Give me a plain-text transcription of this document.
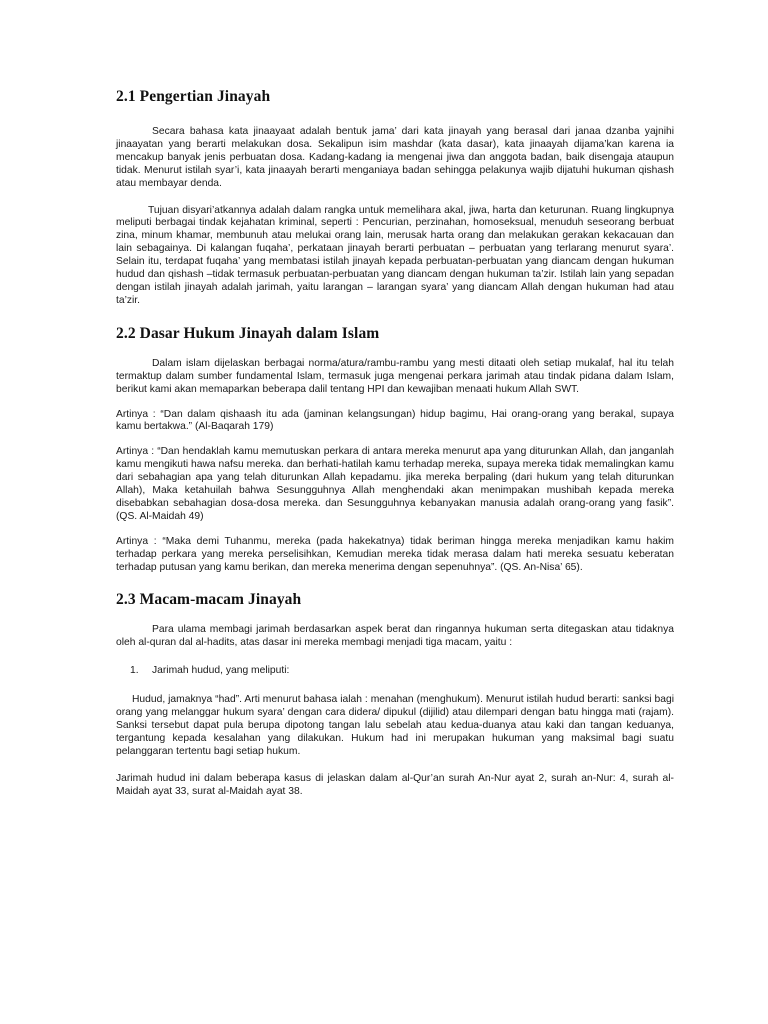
2.1 Pengertian Jinayah

Secara bahasa kata jinaayaat adalah bentuk jama’ dari kata jinayah yang berasal dari janaa dzanba yajnihi jinaayatan yang berarti melakukan dosa. Sekalipun isim mashdar (kata dasar), kata jinaayah dijama’kan karena ia mencakup banyak jenis perbuatan dosa. Kadang-kadang ia mengenai jiwa dan anggota badan, baik disengaja ataupun tidak. Menurut istilah syar’i, kata jinaayah berarti menganiaya badan sehingga pelakunya wajib dijatuhi hukuman qishash atau membayar denda.

Tujuan disyari’atkannya adalah dalam rangka untuk memelihara akal, jiwa, harta dan keturunan. Ruang lingkupnya meliputi berbagai tindak kejahatan kriminal, seperti : Pencurian, perzinahan, homoseksual, menuduh seseorang berbuat zina, minum khamar, membunuh atau melukai orang lain, merusak harta orang dan melakukan gerakan kekacauan dan lain sebagainya. Di kalangan fuqaha’, perkataan jinayah berarti perbuatan – perbuatan yang terlarang menurut syara’. Selain itu, terdapat fuqaha’ yang membatasi istilah jinayah kepada perbuatan-perbuatan yang diancam dengan hukuman hudud dan qishash –tidak termasuk perbuatan-perbuatan yang diancam dengan hukuman ta’zir. Istilah lain yang sepadan dengan istilah jinayah adalah jarimah, yaitu larangan – larangan syara’ yang diancam Allah dengan hukuman had atau ta’zir.

2.2 Dasar Hukum Jinayah dalam Islam

Dalam islam dijelaskan berbagai norma/atura/rambu-rambu yang mesti ditaati oleh setiap mukalaf, hal itu telah termaktup dalam sumber fundamental Islam, termasuk juga mengenai perkara jarimah atau tindak pidana dalam Islam, berikut kami akan memaparkan beberapa dalil tentang HPI dan kewajiban menaati hukum Allah SWT.

Artinya : “Dan dalam qishaash itu ada (jaminan kelangsungan) hidup bagimu, Hai orang-orang yang berakal, supaya kamu bertakwa.” (Al-Baqarah 179)

Artinya : “Dan hendaklah kamu memutuskan perkara di antara mereka menurut apa yang diturunkan Allah, dan janganlah kamu mengikuti hawa nafsu mereka. dan berhati-hatilah kamu terhadap mereka, supaya mereka tidak memalingkan kamu dari sebahagian apa yang telah diturunkan Allah kepadamu. jika mereka berpaling (dari hukum yang telah diturunkan Allah), Maka ketahuilah bahwa Sesungguhnya Allah menghendaki akan menimpakan mushibah kepada mereka disebabkan sebahagian dosa-dosa mereka. dan Sesungguhnya kebanyakan manusia adalah orang-orang yang fasik”. (QS. Al-Maidah 49)

Artinya : “Maka demi Tuhanmu, mereka (pada hakekatnya) tidak beriman hingga mereka menjadikan kamu hakim terhadap perkara yang mereka perselisihkan, Kemudian mereka tidak merasa dalam hati mereka sesuatu keberatan terhadap putusan yang kamu berikan, dan mereka menerima dengan sepenuhnya”. (QS. An-Nisa’ 65).

2.3 Macam-macam Jinayah

Para ulama membagi jarimah berdasarkan aspek berat dan ringannya hukuman serta ditegaskan atau tidaknya oleh al-quran dal al-hadits, atas dasar ini mereka membagi menjadi tiga macam, yaitu :

1.	Jarimah hudud, yang meliputi:

Hudud, jamaknya “had”. Arti menurut bahasa ialah : menahan (menghukum). Menurut istilah hudud berarti: sanksi bagi orang yang melanggar hukum syara’ dengan cara didera/ dipukul (dijilid) atau dilempari dengan batu hingga mati (rajam). Sanksi tersebut dapat pula berupa dipotong tangan lalu sebelah atau kedua-duanya atau kaki dan tangan keduanya, tergantung kepada kesalahan yang dilakukan. Hukum had ini merupakan hukuman yang maksimal bagi suatu pelanggaran tertentu bagi setiap hukum.

Jarimah hudud ini dalam beberapa kasus di jelaskan dalam al-Qur’an surah An-Nur ayat 2, surah an-Nur: 4, surah al-Maidah ayat 33, surat al-Maidah ayat 38.
